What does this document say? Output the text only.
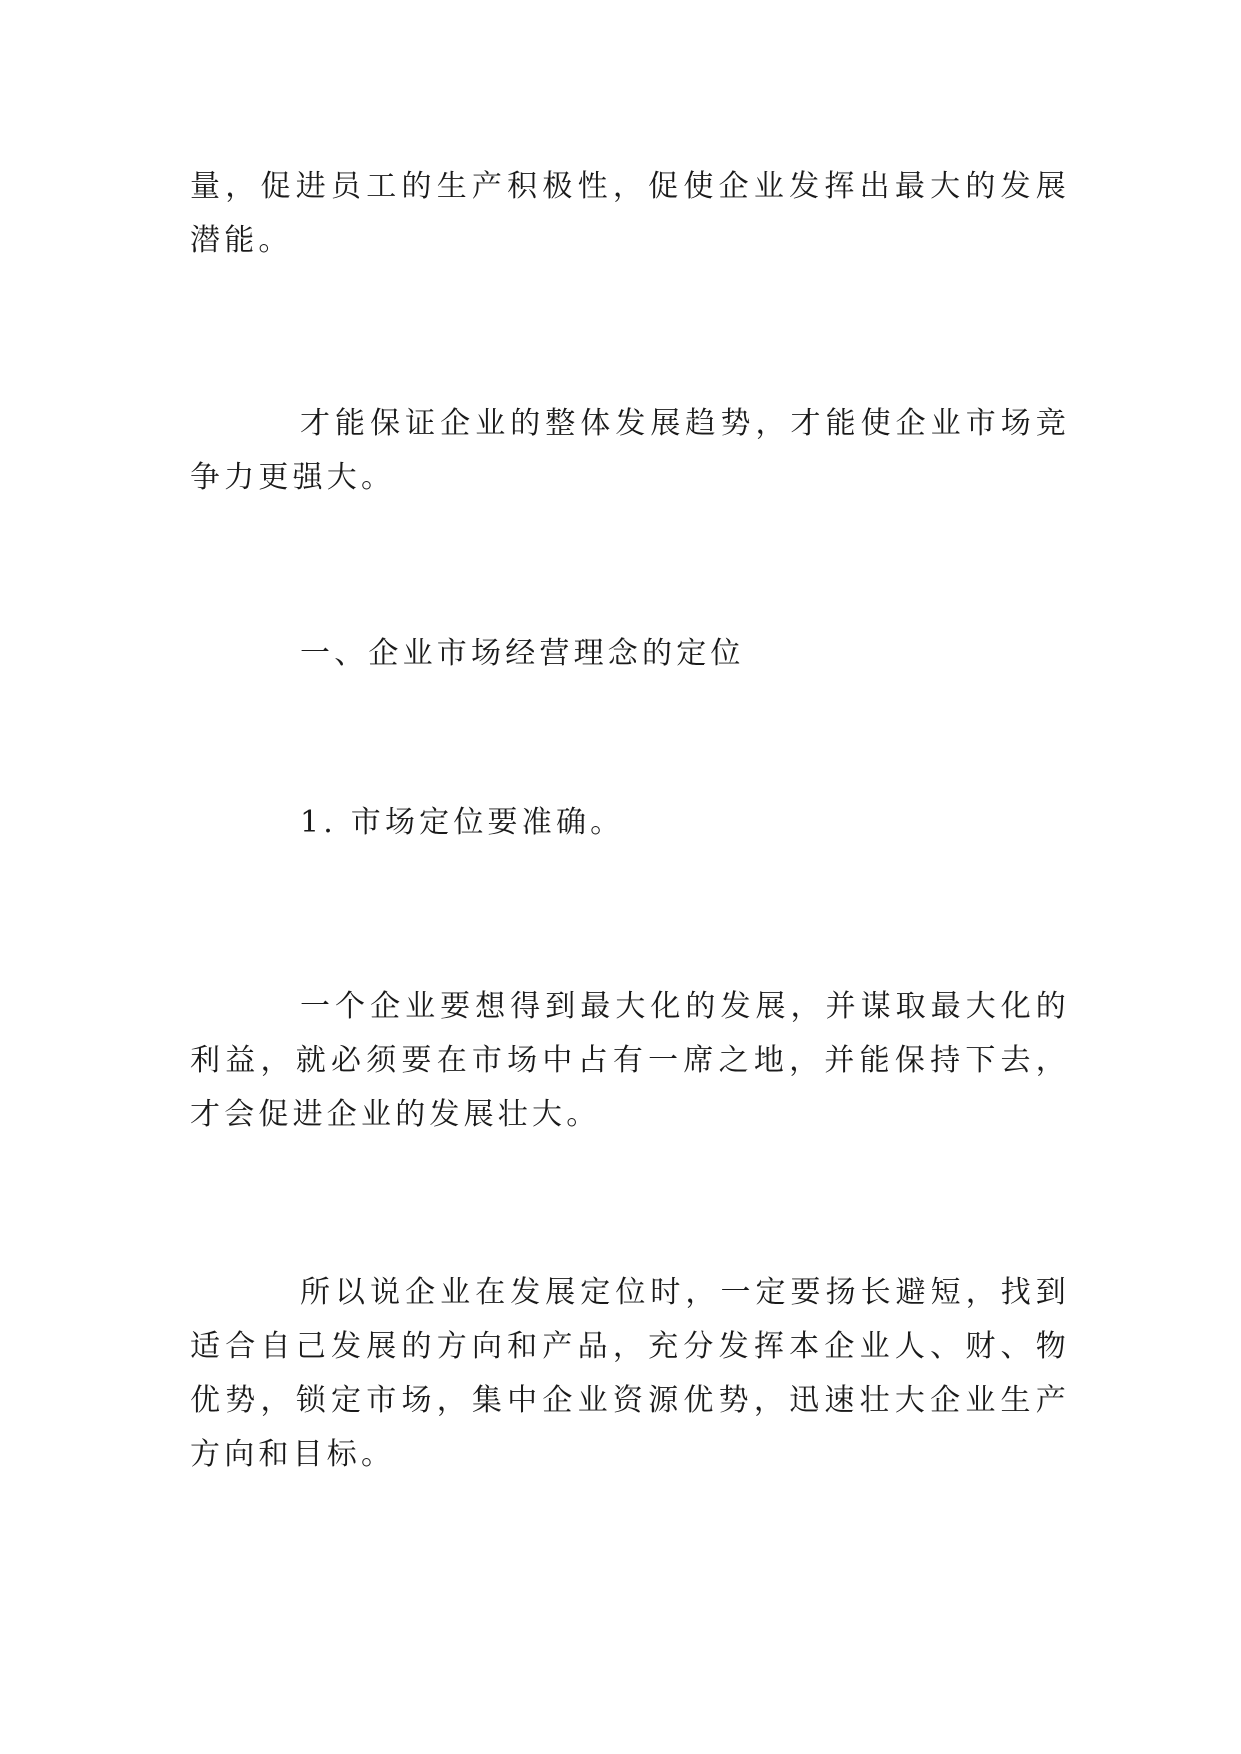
量，促进员工的生产积极性，促使企业发挥出最大的发展潜能。

才能保证企业的整体发展趋势，才能使企业市场竞争力更强大。

一、企业市场经营理念的定位

1. 市场定位要准确。

一个企业要想得到最大化的发展，并谋取最大化的利益，就必须要在市场中占有一席之地，并能保持下去，才会促进企业的发展壮大。

所以说企业在发展定位时，一定要扬长避短，找到适合自己发展的方向和产品，充分发挥本企业人、财、物优势，锁定市场，集中企业资源优势，迅速壮大企业生产方向和目标。
